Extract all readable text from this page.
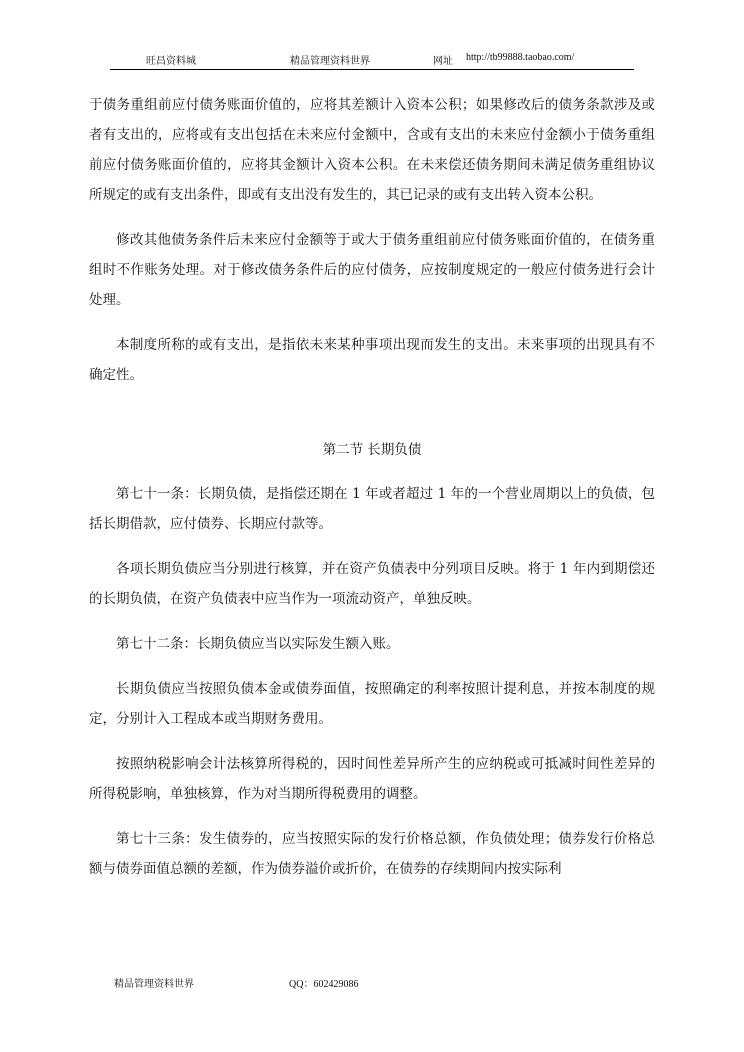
旺昌资料城	精品管理资料世界	网址 http://tb99888.taobao.com/

于债务重组前应付债务账面价值的，应将其差额计入资本公积；如果修改后的债务条款涉及或者有支出的，应将或有支出包括在未来应付金额中，含或有支出的未来应付金额小于债务重组前应付债务账面价值的，应将其金额计入资本公积。在未来偿还债务期间未满足债务重组协议所规定的或有支出条件，即或有支出没有发生的，其已记录的或有支出转入资本公积。

修改其他债务条件后未来应付金额等于或大于债务重组前应付债务账面价值的，在债务重组时不作账务处理。对于修改债务条件后的应付债务，应按制度规定的一般应付债务进行会计处理。

本制度所称的或有支出，是指依未来某种事项出现而发生的支出。未来事项的出现具有不确定性。

第二节 长期负债

第七十一条：长期负债，是指偿还期在 1 年或者超过 1 年的一个营业周期以上的负债，包括长期借款，应付债券、长期应付款等。

各项长期负债应当分别进行核算，并在资产负债表中分列项目反映。将于 1 年内到期偿还的长期负债，在资产负债表中应当作为一项流动资产，单独反映。

第七十二条：长期负债应当以实际发生额入账。

长期负债应当按照负债本金或债券面值，按照确定的利率按照计提利息，并按本制度的规定，分别计入工程成本或当期财务费用。

按照纳税影响会计法核算所得税的，因时间性差异所产生的应纳税或可抵减时间性差异的所得税影响，单独核算，作为对当期所得税费用的调整。

第七十三条：发生债券的，应当按照实际的发行价格总额，作负债处理；债券发行价格总额与债券面值总额的差额，作为债券溢价或折价，在债券的存续期间内按实际利

精品管理资料世界	QQ：602429086
